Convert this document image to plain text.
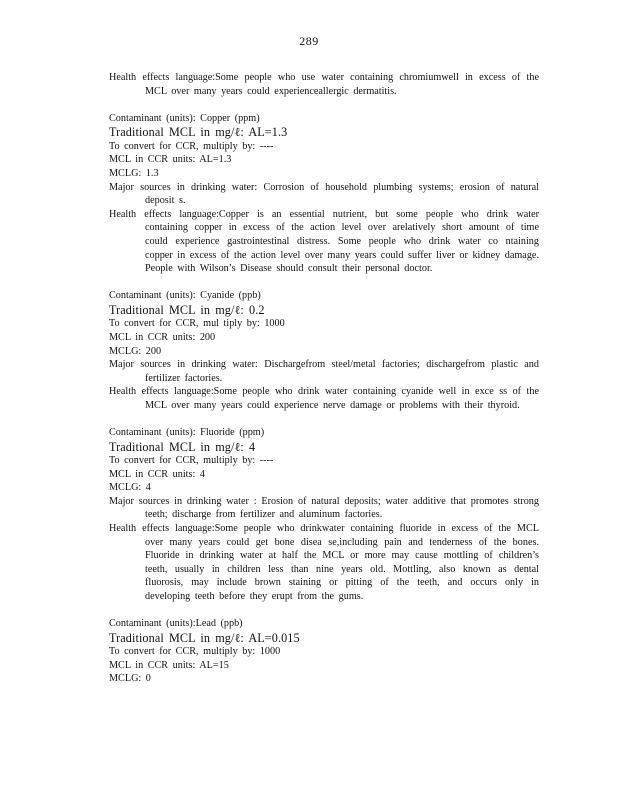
289

Health effects language:Some people who use water containing chromiumwell in excess of the MCL over many years could experienceallergic dermatitis.

Contaminant (units): Copper (ppm)

Traditional MCL in mg/ℓ: AL=1.3

To convert for CCR, multiply by: ----

MCL in CCR units: AL=1.3

MCLG: 1.3

Major sources in drinking water: Corrosion of household plumbing systems; erosion of natural deposit s.

Health effects language:Copper is an essential nutrient, but some people who drink water containing copper in excess of the action level over arelatively short amount of time could experience gastrointestinal distress. Some people who drink water co ntaining copper in excess of the action level over many years could suffer liver or kidney damage. People with Wilson’s Disease should consult their personal doctor.

Contaminant (units): Cyanide (ppb)

Traditional MCL in mg/ℓ: 0.2

To convert for CCR, mul tiply by: 1000

MCL in CCR units: 200

MCLG: 200

Major sources in drinking water: Dischargefrom steel/metal factories; dischargefrom plastic and fertilizer factories.

Health effects language:Some people who drink water containing cyanide well in exce ss of the MCL over many years could experience nerve damage or problems with their thyroid.

Contaminant (units): Fluoride (ppm)

Traditional MCL in mg/ℓ: 4

To convert for CCR, multiply by: ----

MCL in CCR units: 4

MCLG: 4

Major sources in drinking water : Erosion of natural deposits; water additive that promotes strong teeth; discharge from fertilizer and aluminum factories.

Health effects language:Some people who drinkwater containing fluoride in excess of the MCL over many years could get bone disea se,including pain and tenderness of the bones. Fluoride in drinking water at half the MCL or more may cause mottling of children’s teeth, usually in children less than nine years old. Mottling, also known as dental fluorosis, may include brown staining or pitting of the teeth, and occurs only in developing teeth before they erupt from the gums.

Contaminant (units):Lead (ppb)

Traditional MCL in mg/ℓ: AL=0.015

To convert for CCR, multiply by: 1000

MCL in CCR units: AL=15

MCLG: 0
